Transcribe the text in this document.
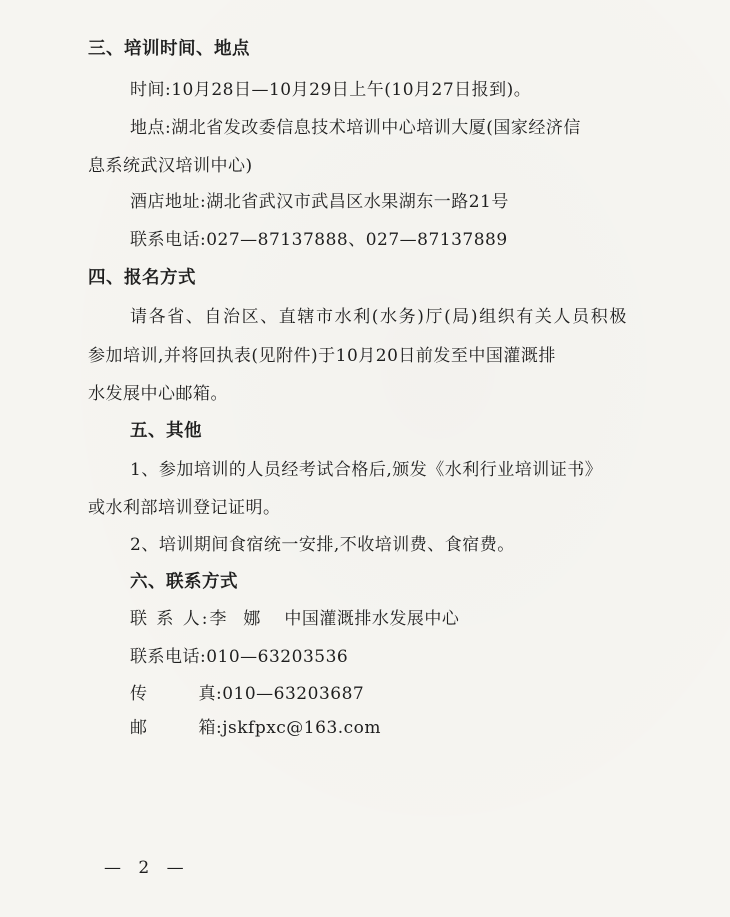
三、培训时间、地点
时间:10月28日—10月29日上午(10月27日报到)。
地点:湖北省发改委信息技术培训中心培训大厦(国家经济信
息系统武汉培训中心)
酒店地址:湖北省武汉市武昌区水果湖东一路21号
联系电话:027—87137888、027—87137889
四、报名方式
请各省、自治区、直辖市水利(水务)厅(局)组织有关人员积极
参加培训,并将回执表(见附件)于10月20日前发至中国灌溉排
水发展中心邮箱。
五、其他
1、参加培训的人员经考试合格后,颁发《水利行业培训证书》
或水利部培训登记证明。
2、培训期间食宿统一安排,不收培训费、食宿费。
六、联系方式
联 系 人:李  娜 中国灌溉排水发展中心
联系电话:010—63203536
传	真:010—63203687
邮	箱:jskfpxc@163.com
— 2 —
